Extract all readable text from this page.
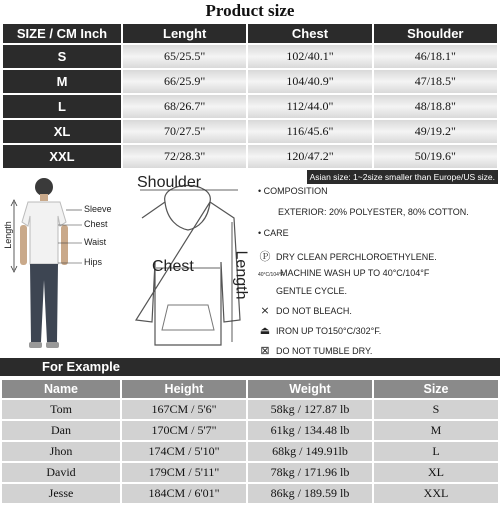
Product size
SIZE / CM Inch	Lenght	Chest	Shoulder
S	65/25.5"	102/40.1"	46/18.1"
M	66/25.9"	104/40.9"	47/18.5"
L	68/26.7"	112/44.0"	48/18.8"
XL	70/27.5"	116/45.6"	49/19.2"
XXL	72/28.3"	120/47.2"	50/19.6"
Sleeve
Chest
Waist
Hips
Length
Shoulder
Chest Length
Asian size: 1~2size smaller than Europe/US size.
• COMPOSITION
EXTERIOR: 20% POLYESTER, 80% COTTON.
• CARE
Ⓟ DRY CLEAN PERCHLOROETHYLENE.
40°C/104°FMACHINE WASH UP TO 40°C/104°F
GENTLE CYCLE.
⨯ DO NOT BLEACH.
⏏ IRON UP TO150°C/302°F.
⊠ DO NOT TUMBLE DRY.
For Example
Name	Height	Weight	Size
Tom	167CM / 5'6"	58kg / 127.87 lb	S
Dan	170CM / 5'7"	61kg / 134.48 lb	M
Jhon	174CM / 5'10"	68kg / 149.91lb	L
David	179CM / 5'11"	78kg / 171.96 lb	XL
Jesse	184CM / 6'01"	86kg / 189.59 lb	XXL
